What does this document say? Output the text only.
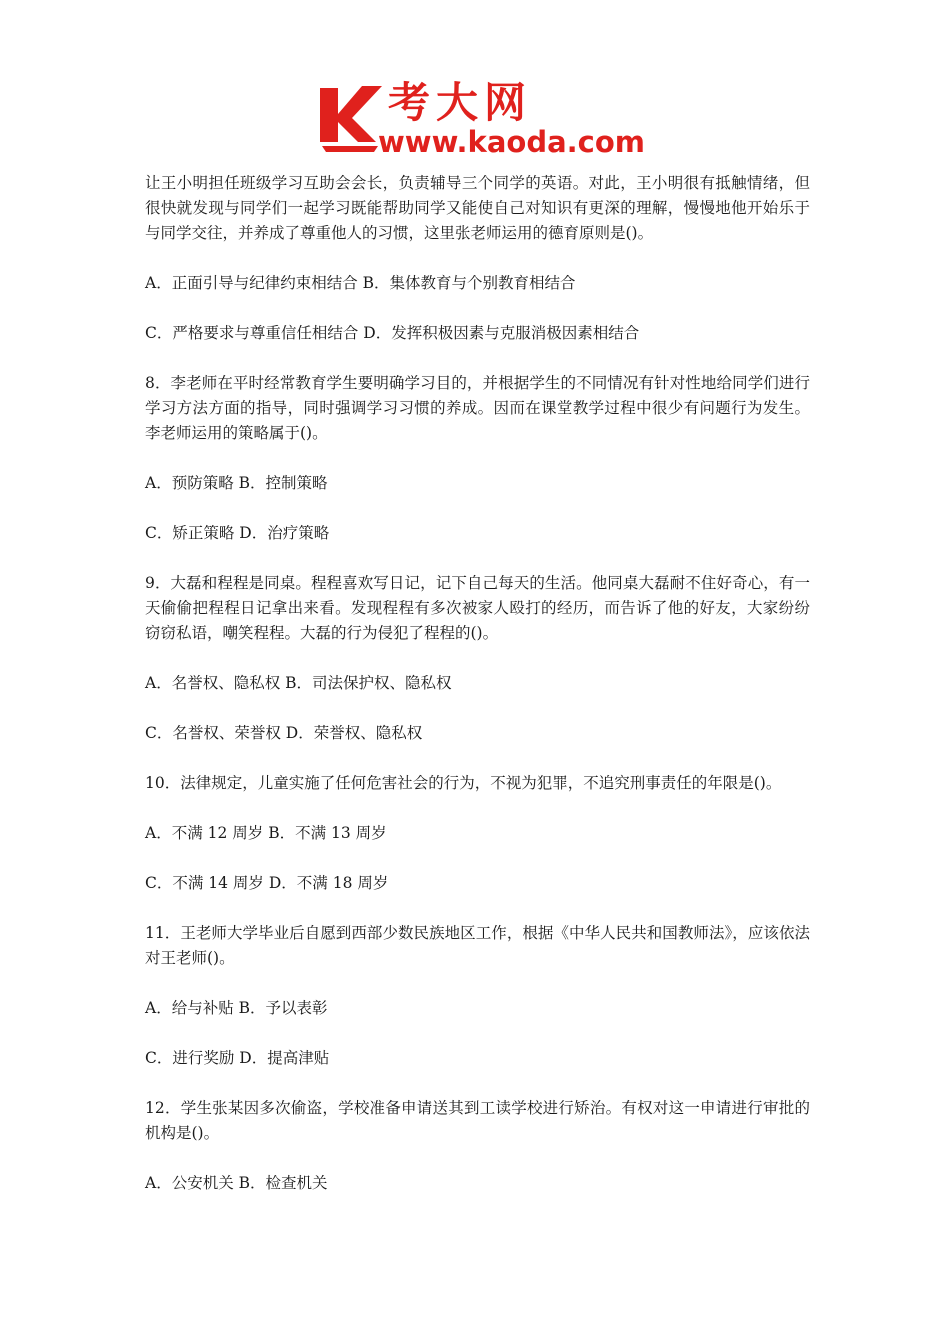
考大网
www.kaoda.com

让王小明担任班级学习互助会会长，负责辅导三个同学的英语。对此，王小明很有抵触情绪，但很快就发现与同学们一起学习既能帮助同学又能使自己对知识有更深的理解，慢慢地他开始乐于与同学交往，并养成了尊重他人的习惯，这里张老师运用的德育原则是()。

A．正面引导与纪律约束相结合 B．集体教育与个别教育相结合

C．严格要求与尊重信任相结合 D．发挥积极因素与克服消极因素相结合

8．李老师在平时经常教育学生要明确学习目的，并根据学生的不同情况有针对性地给同学们进行学习方法方面的指导，同时强调学习习惯的养成。因而在课堂教学过程中很少有问题行为发生。李老师运用的策略属于()。

A．预防策略 B．控制策略

C．矫正策略 D．治疗策略

9．大磊和程程是同桌。程程喜欢写日记，记下自己每天的生活。他同桌大磊耐不住好奇心，有一天偷偷把程程日记拿出来看。发现程程有多次被家人殴打的经历，而告诉了他的好友，大家纷纷窃窃私语，嘲笑程程。大磊的行为侵犯了程程的()。

A．名誉权、隐私权 B．司法保护权、隐私权

C．名誉权、荣誉权 D．荣誉权、隐私权

10．法律规定，儿童实施了任何危害社会的行为，不视为犯罪，不追究刑事责任的年限是()。

A．不满 12 周岁 B．不满 13 周岁

C．不满 14 周岁 D．不满 18 周岁

11．王老师大学毕业后自愿到西部少数民族地区工作，根据《中华人民共和国教师法》，应该依法对王老师()。

A．给与补贴 B．予以表彰

C．进行奖励 D．提高津贴

12．学生张某因多次偷盗，学校准备申请送其到工读学校进行矫治。有权对这一申请进行审批的机构是()。

A．公安机关 B．检查机关
